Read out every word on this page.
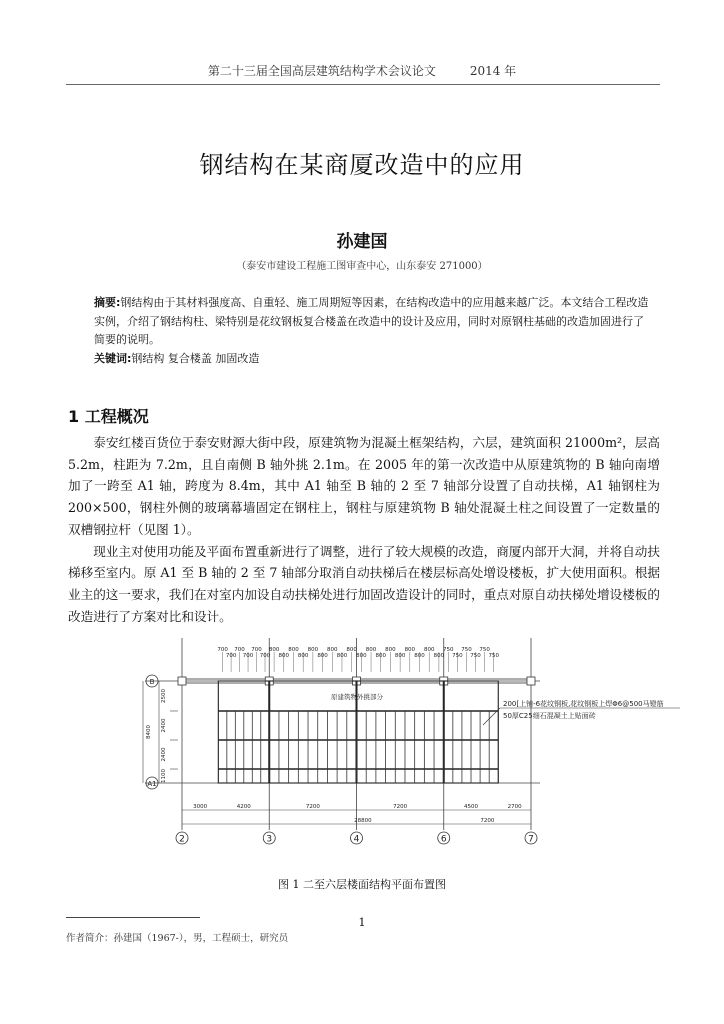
第二十三届全国高层建筑结构学术会议论文	2014 年
钢结构在某商厦改造中的应用
孙建国
（泰安市建设工程施工图审查中心，山东泰安 271000）
摘要:钢结构由于其材料强度高、自重轻、施工周期短等因素，在结构改造中的应用越来越广泛。本文结合工程改造实例，介绍了钢结构柱、梁特别是花纹钢板复合楼盖在改造中的设计及应用，同时对原钢柱基础的改造加固进行了简要的说明。
关键词:钢结构 复合楼盖 加固改造
1 工程概况

泰安红楼百货位于泰安财源大街中段，原建筑物为混凝土框架结构，六层，建筑面积 21000m²，层高 5.2m，柱距为 7.2m，且自南侧 B 轴外挑 2.1m。在 2005 年的第一次改造中从原建筑物的 B 轴向南增加了一跨至 A1 轴，跨度为 8.4m，其中 A1 轴至 B 轴的 2 至 7 轴部分设置了自动扶梯，A1 轴钢柱为 200×500，钢柱外侧的玻璃幕墙固定在钢柱上，钢柱与原建筑物 B 轴处混凝土柱之间设置了一定数量的双槽钢拉杆（见图 1）。

现业主对使用功能及平面布置重新进行了调整，进行了较大规模的改造，商厦内部开大洞，并将自动扶梯移至室内。原 A1 至 B 轴的 2 至 7 轴部分取消自动扶梯后在楼层标高处增设楼板，扩大使用面积。根据业主的这一要求，我们在对室内加设自动扶梯处进行加固改造设计的同时，重点对原自动扶梯处增设楼板的改造进行了方案对比和设计。

2	3	4	6	7
B
A1
700
700
700
700
700
700
800
800
800
800
800
800
800
800
800
800
800
800
800
800
800
800
800
800
750
750
750
750
750
750
原建筑物外挑部分
200[上铺-6花纹钢板,花纹钢板上焊Φ6@500马镫筋
50厚C25细石混凝土上贴面砖
3000	4200	7200	7200	4500	2700
28800	7200
2500
2400
2400
1100
8400
图 1 二至六层楼面结构平面布置图
1
作者简介：孙建国（1967-），男，工程硕士，研究员
